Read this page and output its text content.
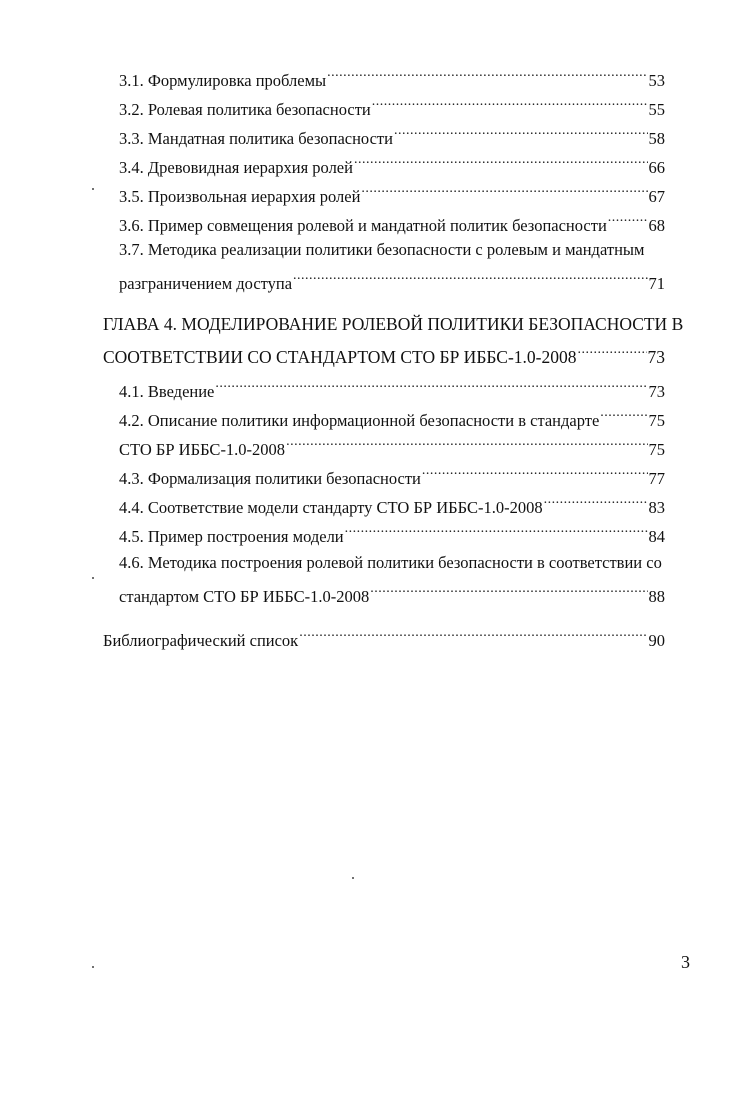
3.1. Формулировка проблемы .....	53
3.2. Ролевая политика безопасности .....	55
3.3. Мандатная политика безопасности .....	58
3.4. Древовидная иерархия ролей .....	66
3.5. Произвольная иерархия ролей .....	67
3.6. Пример совмещения ролевой и мандатной политик безопасности .....	68
3.7. Методика реализации политики безопасности с ролевым и мандатным
разграничением доступа .....	71
ГЛАВА 4. МОДЕЛИРОВАНИЕ РОЛЕВОЙ ПОЛИТИКИ БЕЗОПАСНОСТИ В
СООТВЕТСТВИИ СО СТАНДАРТОМ СТО БР ИББС-1.0-2008 .....	73
4.1. Введение .....	73
4.2. Описание политики информационной безопасности в стандарте .....	75
СТО БР ИББС-1.0-2008 .....	75
4.3. Формализация политики безопасности .....	77
4.4. Соответствие модели стандарту СТО БР ИББС-1.0-2008 .....	83
4.5. Пример построения модели .....	84
4.6. Методика построения ролевой политики безопасности в соответствии со
стандартом СТО БР ИББС-1.0-2008 .....	88
Библиографический список .....	90
3
